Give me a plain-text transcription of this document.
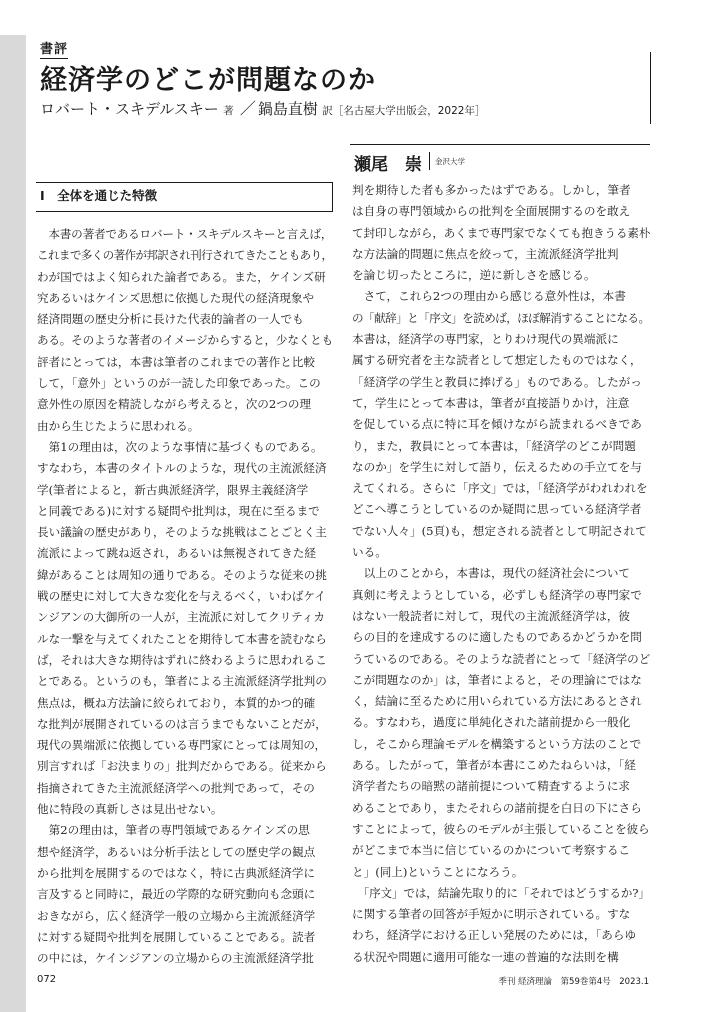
書評
経済学のどこが問題なのか
ロバート・スキデルスキー 著 ／ 鍋島直樹 訳［名古屋大学出版会，2022年］
瀬尾　崇 金沢大学
Ⅰ　全体を通じた特徴
　本書の著者であるロバート・スキデルスキーと言えば，
これまで多くの著作が邦訳され刊行されてきたこともあり，
わが国ではよく知られた論者である。また，ケインズ研
究あるいはケインズ思想に依拠した現代の経済現象や
経済問題の歴史分析に長けた代表的論者の一人でも
ある。そのような著者のイメージからすると，少なくとも
評者にとっては，本書は筆者のこれまでの著作と比較
して，「意外」というのが一読した印象であった。この
意外性の原因を精読しながら考えると，次の2つの理
由から生じたように思われる。
　第1の理由は，次のような事情に基づくものである。
すなわち，本書のタイトルのような，現代の主流派経済
学(筆者によると，新古典派経済学，限界主義経済学
と同義である)に対する疑問や批判は，現在に至るまで
長い議論の歴史があり，そのような挑戦はことごとく主
流派によって跳ね返され，あるいは無視されてきた経
緯があることは周知の通りである。そのような従来の挑
戦の歴史に対して大きな変化を与えるべく，いわばケイ
ンジアンの大御所の一人が，主流派に対してクリティカ
ルな一撃を与えてくれたことを期待して本書を読むなら
ば，それは大きな期待はずれに終わるように思われるこ
とである。というのも，筆者による主流派経済学批判の
焦点は，概ね方法論に絞られており，本質的かつ的確
な批判が展開されているのは言うまでもないことだが，
現代の異端派に依拠している専門家にとっては周知の，
別言すれば「お決まりの」批判だからである。従来から
指摘されてきた主流派経済学への批判であって，その
他に特段の真新しさは見出せない。
　第2の理由は，筆者の専門領域であるケインズの思
想や経済学，あるいは分析手法としての歴史学の観点
から批判を展開するのではなく，特に古典派経済学に
言及すると同時に，最近の学際的な研究動向も念頭に
おきながら，広く経済学一般の立場から主流派経済学
に対する疑問や批判を展開していることである。読者
の中には，ケインジアンの立場からの主流派経済学批
判を期待した者も多かったはずである。しかし，筆者
は自身の専門領域からの批判を全面展開するのを敢え
て封印しながら，あくまで専門家でなくても抱きうる素朴
な方法論的問題に焦点を絞って，主流派経済学批判
を論じ切ったところに，逆に新しさを感じる。
　さて，これら2つの理由から感じる意外性は，本書
の「献辞」と「序文」を読めば，ほぼ解消することになる。
本書は，経済学の専門家，とりわけ現代の異端派に
属する研究者を主な読者として想定したものではなく，
「経済学の学生と教員に捧げる」ものである。したがっ
て，学生にとって本書は，筆者が直接語りかけ，注意
を促している点に特に耳を傾けながら読まれるべきであ
り，また，教員にとって本書は，「経済学のどこが問題
なのか」を学生に対して語り，伝えるための手立てを与
えてくれる。さらに「序文」では，「経済学がわれわれを
どこへ導こうとしているのか疑問に思っている経済学者
でない人々」(5頁)も，想定される読者として明記されて
いる。
　以上のことから，本書は，現代の経済社会について
真剣に考えようとしている，必ずしも経済学の専門家で
はない一般読者に対して，現代の主流派経済学は，彼
らの目的を達成するのに適したものであるかどうかを問
うているのである。そのような読者にとって「経済学のど
こが問題なのか」は，筆者によると，その理論にではな
く，結論に至るために用いられている方法にあるとされ
る。すなわち，過度に単純化された諸前提から一般化
し，そこから理論モデルを構築するという方法のことで
ある。したがって，筆者が本書にこめたねらいは，「経
済学者たちの暗黙の諸前提について精査するように求
めることであり，またそれらの諸前提を白日の下にさら
すことによって，彼らのモデルが主張していることを彼ら
がどこまで本当に信じているのかについて考察するこ
と」(同上)ということになろう。
　「序文」では，結論先取り的に「それではどうするか?」
に関する筆者の回答が手短かに明示されている。すな
わち，経済学における正しい発展のためには，「あらゆ
る状況や問題に適用可能な一連の普遍的な法則を構
072	季刊 経済理論　第59巻第4号　2023.1
